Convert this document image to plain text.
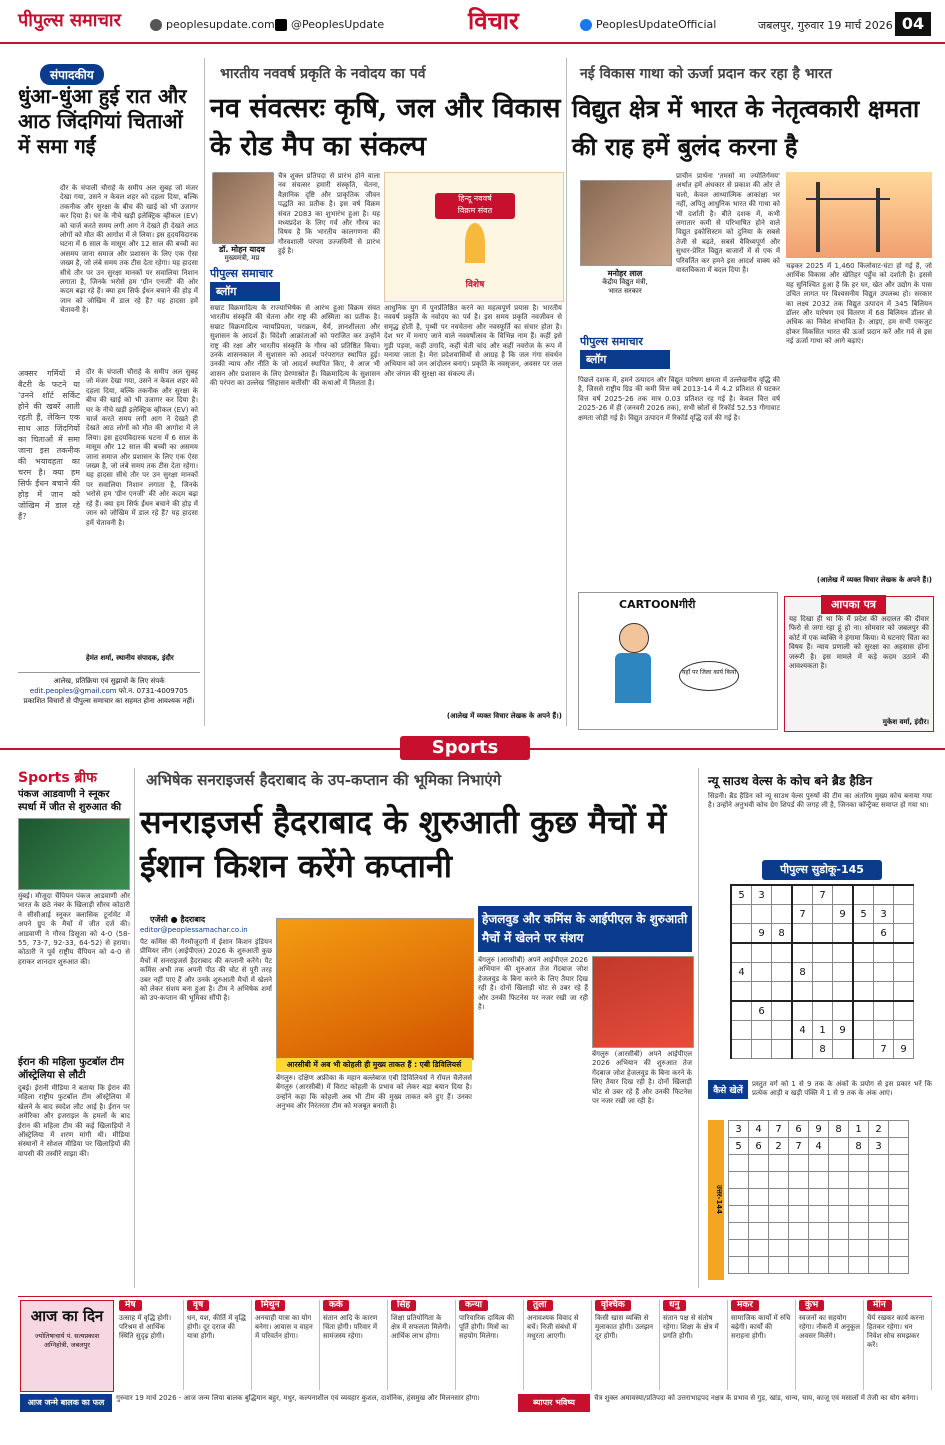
पीपुल्स समाचार	peoplesupdate.com	@PeoplesUpdate	विचार	PeoplesUpdateOfficial	जबलपुर, गुरुवार 19 मार्च 2026 04
संपादकीय
धुंआ-धुंआ हुई रात और आठ जिंदगियां चिताओं में समा गईं
दौर के चंपाली चौराहे के समीप अल सुबह जो मंजर देखा गया, उसने न केवल शहर को दहला दिया, बल्कि तकनीक और सुरक्षा के बीच की खाई को भी उजागर कर दिया है। घर के नीचे खड़ी इलेक्ट्रिक व्हीकल (EV) को चार्ज करते समय लगी आग ने देखते ही देखते आठ लोगों को मौत की आगोश में ले लिया। इस हृदयविदारक घटना में 6 साल के मासूम और 12 साल की बच्ची का असमय जाना समाज और प्रशासन के लिए एक ऐसा जख्म है, जो लंबे समय तक टीस देता रहेगा। यह हादसा सीधे तौर पर उन सुरक्षा मानकों पर सवालिया निशान लगाता है, जिनके भरोसे हम 'ग्रीन एनर्जी' की ओर कदम बढ़ा रहे हैं। क्या हम सिर्फ ईंधन बचाने की होड़ में जान को जोखिम में डाल रहे हैं? यह हादसा हमें चेतावनी है।
अक्सर गर्मियों में बैटरी के फटने या 'उनने शॉर्ट सर्किट होने की खबरें आती रहती हैं, लेकिन एक साथ आठ जिंदगियों का चिताओं में समा जाना इस तकनीक की भयावहता का चरम है। क्या हम सिर्फ ईंधन बचाने की होड़ में जान को जोखिम में डाल रहे हैं?
दौर के चंपाली चौराहे के समीप अल सुबह जो मंजर देखा गया, उसने न केवल शहर को दहला दिया, बल्कि तकनीक और सुरक्षा के बीच की खाई को भी उजागर कर दिया है। घर के नीचे खड़ी इलेक्ट्रिक व्हीकल (EV) को चार्ज करते समय लगी आग ने देखते ही देखते आठ लोगों को मौत की आगोश में ले लिया। इस हृदयविदारक घटना में 6 साल के मासूम और 12 साल की बच्ची का असमय जाना समाज और प्रशासन के लिए एक ऐसा जख्म है, जो लंबे समय तक टीस देता रहेगा। यह हादसा सीधे तौर पर उन सुरक्षा मानकों पर सवालिया निशान लगाता है, जिनके भरोसे हम 'ग्रीन एनर्जी' की ओर कदम बढ़ा रहे हैं। क्या हम सिर्फ ईंधन बचाने की होड़ में जान को जोखिम में डाल रहे हैं? यह हादसा हमें चेतावनी है।
हेमंत शर्मा, स्थानीय संपादक, इंदौर
आलेख, प्रतिक्रिया एवं सुझावों के लिए संपर्क
edit.peoples@gmail.com फो.न. 0731-4009705
प्रकाशित विचारों से पीपुल्स समाचार का सहमत होना आवश्यक नहीं।
भारतीय नववर्ष प्रकृति के नवोदय का पर्व
नव संवत्सरः कृषि, जल और विकास के रोड मैप का संकल्प
डॉ. मोहन यादव
मुख्यमंत्री, मप्र
पीपुल्स समाचार
ब्लॉग
चैत्र शुक्ल प्रतिपदा से प्रारंभ होने वाला नव संवत्सर हमारी संस्कृति, चेतना, वैज्ञानिक दृष्टि और प्राकृतिक जीवन पद्धति का प्रतीक है। इस वर्ष विक्रम संवत 2083 का शुभारंभ हुआ है। यह मध्यप्रदेश के लिए गर्व और गौरव का विषय है कि भारतीय कालगणना की गौरवशाली परंपरा उज्जयिनी से प्रारंभ हुई है।
हिन्दू नववर्ष
विक्रम संवत
विशेष
सम्राट विक्रमादित्य के राज्याभिषेक से आरंभ हुआ विक्रम संवत भारतीय संस्कृति की चेतना और राष्ट्र की अस्मिता का प्रतीक है। सम्राट विक्रमादित्य न्यायप्रियता, पराक्रम, धैर्य, ज्ञानशीलता और सुशासन के आदर्श हैं। विदेशी आक्रांताओं को पराजित कर उन्होंने राष्ट्र की रक्षा और भारतीय संस्कृति के गौरव को प्रतिष्ठित किया। उनके शासनकाल में सुशासन को आदर्श परंपरागत स्थापित हुई। उनकी न्याय और नीति के जो आदर्श स्थापित किए, वे आज भी शासन और प्रशासन के लिए प्रेरणास्रोत हैं। विक्रमादित्य के सुशासन की परंपरा का उल्लेख 'सिंहासन बत्तीसी' की कथाओं में मिलता है।
आधुनिक युग में पुनर्प्रतिष्ठित करने का महत्वपूर्ण प्रयास है। भारतीय नववर्ष प्रकृति के नवोदय का पर्व है। इस समय प्रकृति नवजीवन से समृद्ध होती है, पृथ्वी पर नवचेतना और नवस्फूर्ति का संचार होता है। देश भर में मनाए जाने वाले नववर्षोत्सव के विभिन्न नाम हैं। कहीं इसे गुड़ी पड़वा, कहीं उगादि, कहीं चेती चांद और कहीं नवरोज के रूप में मनाया जाता है। मेरा प्रदेशवासियों से आग्रह है कि जल गंगा संवर्धन अभियान को जन आंदोलन बनाएं। प्रकृति के नवसृजन, अवसर पर जल और जंगल की सुरक्षा का संकल्प लें।
(आलेख में व्यक्त विचार लेखक के अपने हैं।)
नई विकास गाथा को ऊर्जा प्रदान कर रहा है भारत
विद्युत क्षेत्र में भारत के नेतृत्वकारी क्षमता की राह हमें बुलंद करना है
मनोहर लाल
केंद्रीय विद्युत मंत्री,
भारत सरकार
पीपुल्स समाचार
ब्लॉग
प्राचीन प्रार्थना 'तमसो मा ज्योतिर्गमय' अर्थात हमें अंधकार से प्रकाश की ओर ले चलो, केवल आध्यात्मिक आकांक्षा भर नहीं, अपितु आधुनिक भारत की गाथा को भी दर्शाती है। बीते दशक में, कभी लगातार कमी से परिभाषित होने वाले विद्युत इकोसिस्टम को दुनिया के सबसे तेजी से बढ़ते, सबसे वैविध्यपूर्ण और सुधार-प्रेरित विद्युत बाजारों में से एक में परिवर्तित कर हमने इस आदर्श वाक्य को वास्तविकता में बदल दिया है।
पिछले दशक में, हमने उत्पादन और विद्युत पारेषण क्षमता में उल्लेखनीय वृद्धि की है, जिससे राष्ट्रीय ग्रिड की कमी वित्त वर्ष 2013-14 में 4.2 प्रतिशत से घटकर वित्त वर्ष 2025-26 तक मात्र 0.03 प्रतिशत रह गई है। केवल वित्त वर्ष 2025-26 में ही (जनवरी 2026 तक), सभी स्रोतों से रिकॉर्ड 52.53 गीगावाट क्षमता जोड़ी गई है। विद्युत उत्पादन में रिकॉर्ड वृद्धि दर्ज की गई है।
चढ़कर 2025 में 1,460 किलोवाट-घंटा हो गई है, जो आर्थिक विकास और खेतिहर पहुँच को दर्शाती है। इससे यह सुनिश्चित हुआ है कि हर घर, खेत और उद्योग के पास उचित लागत पर विश्वसनीय विद्युत उपलब्ध हो। सरकार का लक्ष्य 2032 तक विद्युत उत्पादन में 345 बिलियन डॉलर और पारेषण एवं वितरण में 68 बिलियन डॉलर से अधिक का निवेश संभावित है। आइए, हम सभी एकजुट होकर विकसित भारत की ऊर्जा प्रदान करें और गर्व से इस नई ऊर्जा गाथा को आगे बढ़ाएं।
(आलेख में व्यक्त विचार लेखक के अपने हैं।)
CARTOONगीरी
यहाँ पर जिला कार्य किया
आपका पत्र
यह दिखा ही था कि मैं प्रदेश की अदालत की दीवार फिरो से जगा रहा हूं हो ना। सोमवार को जबलपुर की कोर्ट में एक व्यक्ति ने हंगामा किया। ये घटनाएं चिंता का विषय हैं। न्याय प्रणाली को सुरक्षा का अहसास होना जरूरी है। इस मामले में कड़े कदम उठाने की आवश्यकता है।
मुकेश वर्मा, इंदौर।
Sports
Sports ब्रीफ
पंकज आडवाणी ने स्नूकर स्पर्धा में जीत से शुरुआत की
मुंबई। मौजूदा चैंपियन पंकज आडवाणी और भारत के छठे नंबर के खिलाड़ी सौरव कोठारी ने सीसीआई स्नूकर क्लासिक टूर्नामेंट में अपने ग्रुप के मैचों में जीत दर्ज की। आडवाणी ने गौरव डिसूजा को 4-0 (58-55, 73-7, 92-33, 64-52) से हराया। कोठारी ने पूर्व राष्ट्रीय चैंपियन को 4-0 से हराकर शानदार शुरुआत की।
ईरान की महिला फुटबॉल टीम ऑस्ट्रेलिया से लौटी
दुबई। ईरानी मीडिया ने बताया कि ईरान की महिला राष्ट्रीय फुटबॉल टीम ऑस्ट्रेलिया में खेलने के बाद स्वदेश लौट आई है। ईरान पर अमेरिका और इजराइल के हमलों के बाद ईरान की महिला टीम की कई खिलाड़ियों ने ऑस्ट्रेलिया में शरण मांगी थी। मीडिया संस्थानों ने सोशल मीडिया पर खिलाड़ियों की वापसी की तस्वीरें साझा कीं।
अभिषेक सनराइजर्स हैदराबाद के उप-कप्तान की भूमिका निभाएंगे
सनराइजर्स हैदराबाद के शुरुआती कुछ मैचों में ईशान किशन करेंगे कप्तानी
एजेंसी ● हैदराबाद
editor@peoplessamachar.co.in
पैट कमिंस की गैरमौजूदगी में ईशान किशन इंडियन प्रीमियर लीग (आईपीएल) 2026 के शुरुआती कुछ मैचों में सनराइजर्स हैदराबाद की कप्तानी करेंगे। पैट कमिंस अभी तक अपनी पीठ की चोट से पूरी तरह उबर नहीं पाए हैं और उनके शुरुआती मैचों में खेलने को लेकर संशय बना हुआ है। टीम ने अभिषेक शर्मा को उप-कप्तान की भूमिका सौंपी है।
आरसीबी में अब भी कोहली ही मुख्य ताकत हैं : एबी डिविलियर्स
बेंगलुरु। दक्षिण अफ्रीका के महान बल्लेबाज एबी डिविलियर्स ने रॉयल चैलेंजर्स बेंगलुरु (आरसीबी) में विराट कोहली के प्रभाव को लेकर बड़ा बयान दिया है। उन्होंने कहा कि कोहली अब भी टीम की मुख्य ताकत बने हुए हैं। उनका अनुभव और निरंतरता टीम को मजबूत बनाती है।
हेजलवुड और कमिंस के आईपीएल के शुरुआती मैचों में खेलने पर संशय
बेंगलुरु (आरसीबी) अपने आईपीएल 2026 अभियान की शुरुआत तेज गेंदबाज जोश हेजलवुड के बिना करने के लिए तैयार दिख रही है। दोनों खिलाड़ी चोट से उबर रहे हैं और उनकी फिटनेस पर नजर रखी जा रही है।
बेंगलुरु (आरसीबी) अपने आईपीएल 2026 अभियान की शुरुआत तेज गेंदबाज जोश हेजलवुड के बिना करने के लिए तैयार दिख रही है। दोनों खिलाड़ी चोट से उबर रहे हैं और उनकी फिटनेस पर नजर रखी जा रही है।
न्यू साउथ वेल्स के कोच बने ब्रैड हैडिन
सिडनी। ब्रैड हैडिन को न्यू साउथ वेल्स पुरुषों की टीम का अंतरिम मुख्य कोच बनाया गया है। उन्होंने अनुभवी कोच ग्रेग शिपर्ड की जगह ली है, जिनका कॉन्ट्रैक्ट समाप्त हो गया था।
पीपुल्स सुडोकू-145
5	3			7				
			7		9	5	3	
	9	8					6	

4			8					

	6							
			4	1	9			
				8			7	9
कैसे खेलें
प्रस्तुत वर्ग को 1 से 9 तक के अंकों के प्रयोग से इस प्रकार भरें कि प्रत्येक आड़ी व खड़ी पंक्ति में 1 से 9 तक के अंक आएं।
उत्तर-144
3	4	7	6	9	8	1	2	
5	6	2	7	4		8	3	

आज का दिन
ज्योतिषाचार्य पं. सत्यप्रकाश अग्निहोत्री, जबलपुर
मेष
उत्साह में वृद्धि होगी। परिश्रम से आर्थिक स्थिति सुदृढ़ होगी।
वृष
धन, यश, कीर्ति में वृद्धि होगी। दूर दराज की यात्रा होगी।
मिथुन
अनचाही यात्रा का योग बनेगा। आवास व वाहन में परिवर्तन होगा।
कर्क
संतान आदि के कारण चिंता होगी। परिवार में सामंजस्य रहेगा।
सिंह
शिक्षा प्रतियोगिता के क्षेत्र में सफलता मिलेगी। आर्थिक लाभ होगा।
कन्या
पारिवारिक दायित्व की पूर्ति होगी। मित्रों का सहयोग मिलेगा।
तुला
अनावश्यक विवाद से बचें। निजी संबंधों में मधुरता आएगी।
वृश्चिक
किसी खास व्यक्ति से मुलाकात होगी। उलझन दूर होगी।
धनु
संतान पक्ष से संतोष रहेगा। शिक्षा के क्षेत्र में प्रगति होगी।
मकर
सामाजिक कार्यों में रुचि बढ़ेगी। कार्यों की सराहना होगी।
कुंभ
स्वजनों का सहयोग रहेगा। नौकरी में अनुकूल अवसर मिलेंगे।
मीन
धैर्य रखकर कार्य करना हितकर रहेगा। धन निवेश सोच समझकर करें।
आज जन्मे बालक का फल	गुरुवार 19 मार्च 2026 - आज जन्म लिया बालक बुद्धिमान बहुर, मधुर, कल्पनाशील एवं व्यवहार कुशल, दार्शनिक, हंसमुख और मिलनसार होगा।	ब्यापार भविष्य	चैत्र शुक्ल अमावस्या/प्रतिपदा को उत्तराभाद्रपद नक्षत्र के प्रभाव से गुड़, खांड, धान्य, चाय, काजू एवं मसालों में तेजी का योग बनेगा।
